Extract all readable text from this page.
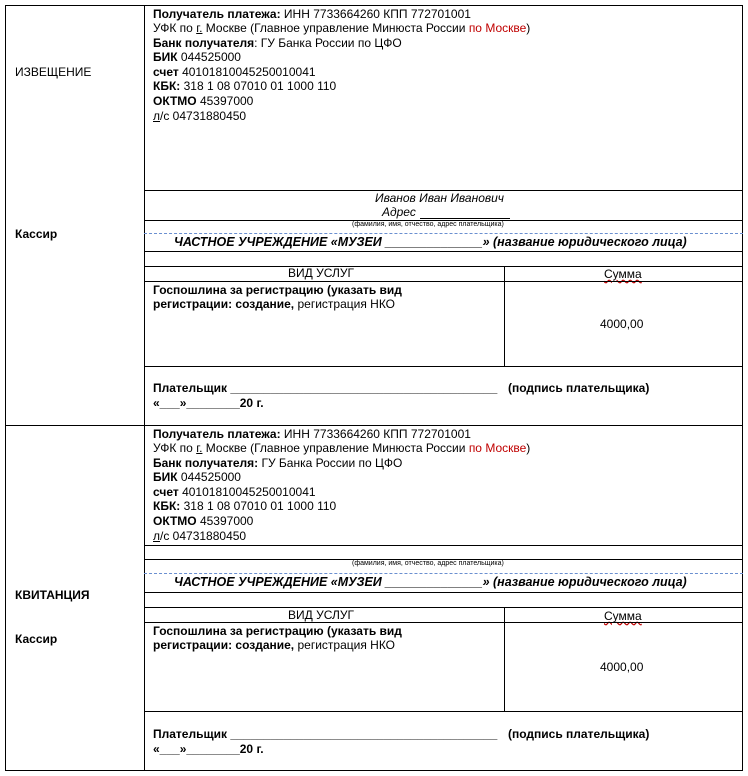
ИЗВЕЩЕНИЕ
Кассир
Получатель платежа: ИНН 7733664260 КПП 772701001
УФК по г. Москве (Главное управление Минюста России по Москве)
Банк получателя: ГУ Банка России по ЦФО
БИК 044525000
счет 40101810045250010041
КБК: 318 1 08 07010 01 1000 110
ОКТМО 45397000
л/с 04731880450
Иванов Иван Иванович
Адрес
(фамилия, имя, отчество, адрес плательщика)
ЧАСТНОЕ УЧРЕЖДЕНИЕ «МУЗЕИ ______________» (название юридического лица)
ВИД УСЛУГ	Сумма
Госпошлина за регистрацию (указать вид
регистрации: создание, регистрация НКО
4000,00
Плательщик ________________________________________ (подпись плательщика)
«___»________20 г.
КВИТАНЦИЯ
Кассир
Получатель платежа: ИНН 7733664260 КПП 772701001
УФК по г. Москве (Главное управление Минюста России по Москве)
Банк получателя: ГУ Банка России по ЦФО
БИК 044525000
счет 40101810045250010041
КБК: 318 1 08 07010 01 1000 110
ОКТМО 45397000
л/с 04731880450
(фамилия, имя, отчество, адрес плательщика)
ЧАСТНОЕ УЧРЕЖДЕНИЕ «МУЗЕИ ______________» (название юридического лица)
ВИД УСЛУГ	Сумма
Госпошлина за регистрацию (указать вид
регистрации: создание, регистрация НКО
4000,00
Плательщик ________________________________________ (подпись плательщика)
«___»________20 г.
